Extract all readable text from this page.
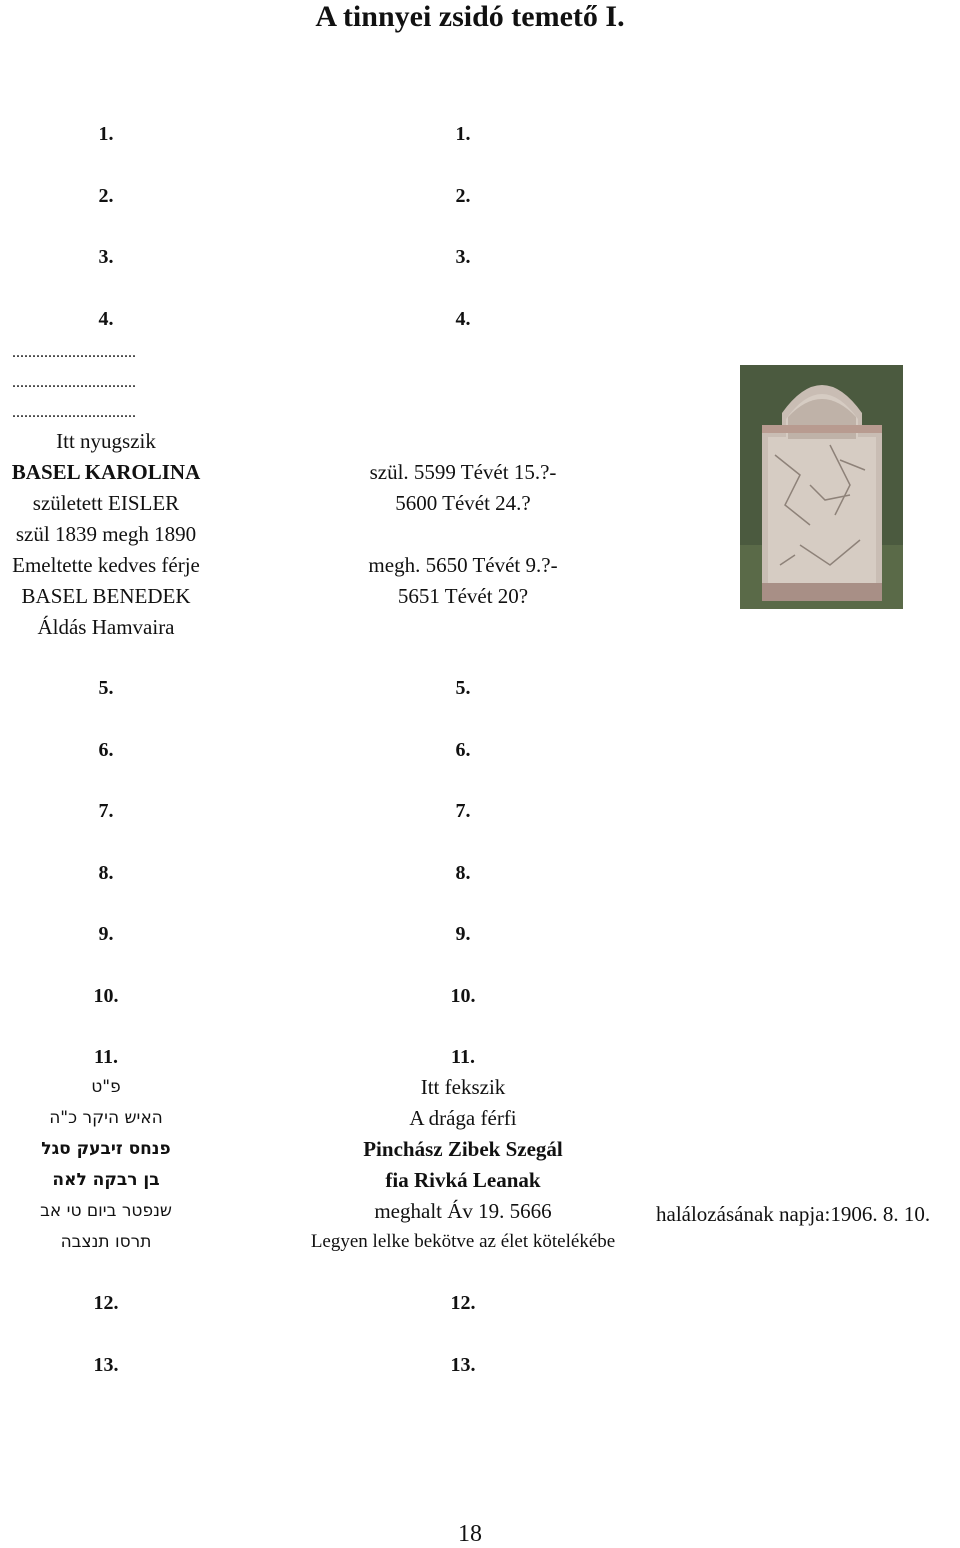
A tinnyei zsidó temető I.
1.
2.
3.
4.
1.
2.
3.
4.
...............................
...............................
...............................
Itt nyugszik
BASEL KAROLINA
született EISLER
szül 1839 megh 1890
Emeltette kedves férje
BASEL BENEDEK
Áldás Hamvaira
szül. 5599 Tévét 15.?-
5600 Tévét 24.?
megh. 5650 Tévét 9.?-
5651 Tévét 20?
5.
6.
7.
8.
9.
10.
11.
5.
6.
7.
8.
9.
10.
11.
פ"ט
האיש היקר כ"ה
פנחס זיבעק סגל
בן רבקה לאה
שנפטר ביום טי אב
תרסו תנצבה
Itt fekszik
A drága férfi
Pinchász Zibek Szegál
fia Rivká Leanak
meghalt Áv 19. 5666
Legyen lelke bekötve az élet kötelékébe
halálozásának napja:1906. 8. 10.
12.
13.
12.
13.
18
